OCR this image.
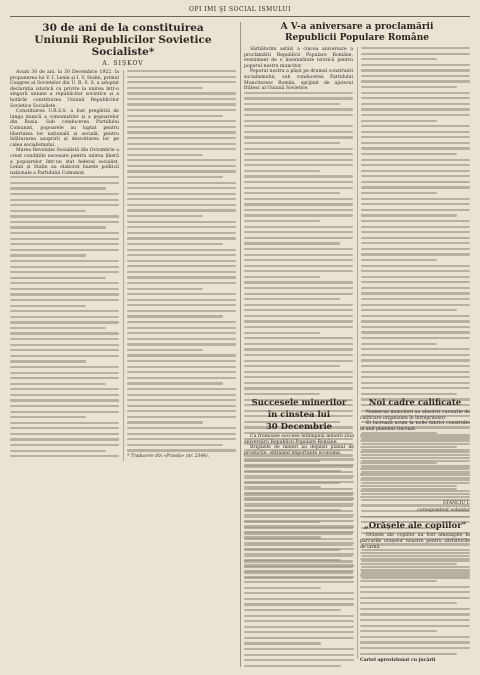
OPI IMI ŞI SOCIAL ISMULUI
30 de ani de la constituirea
Uniunii Republicilor Sovietice Socialiste*
A. SIȘKOV

Acum 30 de ani, la 30 Decembrie 1922, la propunerea lui V. I. Lenin și I. V. Stalin, primul Congres al Sovietelor din U. R. S. S. a adoptat declarația istorică cu privire la unirea într-o singură uniune a republicilor sovietice și a hotărât constituirea Uniunii Republicilor Sovietice Socialiste.

Constituirea U.R.S.S. a fost pregătită de lunga muncă a comuniștilor și a popoarelor din Rusia. Sub conducerea Partidului Comunist, popoarele au luptat pentru libertatea lor națională și socială, pentru înlăturarea asupririi și dezvoltarea lor pe calea socialismului.

Marea Revoluție Socialistă din Octombrie a creat condițiile necesare pentru unirea liberă a popoarelor într-un stat federal socialist. Lenin și Stalin au elaborat bazele politicii naționale a Partidului Comunist.

* Traducere din «Pravda» (nr. 2344).
A V-a aniversare a proclamării
Republicii Populare Române

Sărbătorim astăzi a cincea aniversare a proclamării Republicii Populare Române, eveniment de o însemnătate istorică pentru poporul nostru muncitor.

Poporul nostru a pășit pe drumul construirii socialismului, sub conducerea Partidului Muncitoresc Român, sprijinit de ajutorul frățesc al Uniunii Sovietice.

Succesele minerilor
în cinstea lui
30 Decembrie

Cu frumoase succese întâmpină minerii ziua aniversării Republicii Populare Române.

Brigăzile de mineri au depășit planul de producție, obținând importante economii.

Noi cadre calificate

Numeroși muncitori au absolvit cursurile de calificare organizate în întreprinderi.

Ei lucrează acum la noile fabrici construite în anii planului cincinal.

STANCIU I.
corespondent voluntar
„Orășele ale copiilor"

Orășele ale copiilor au fost amenajate în parcurile orașelor noastre pentru sărbătorile de iarnă.

Cartel aprovizionat cu jucării
